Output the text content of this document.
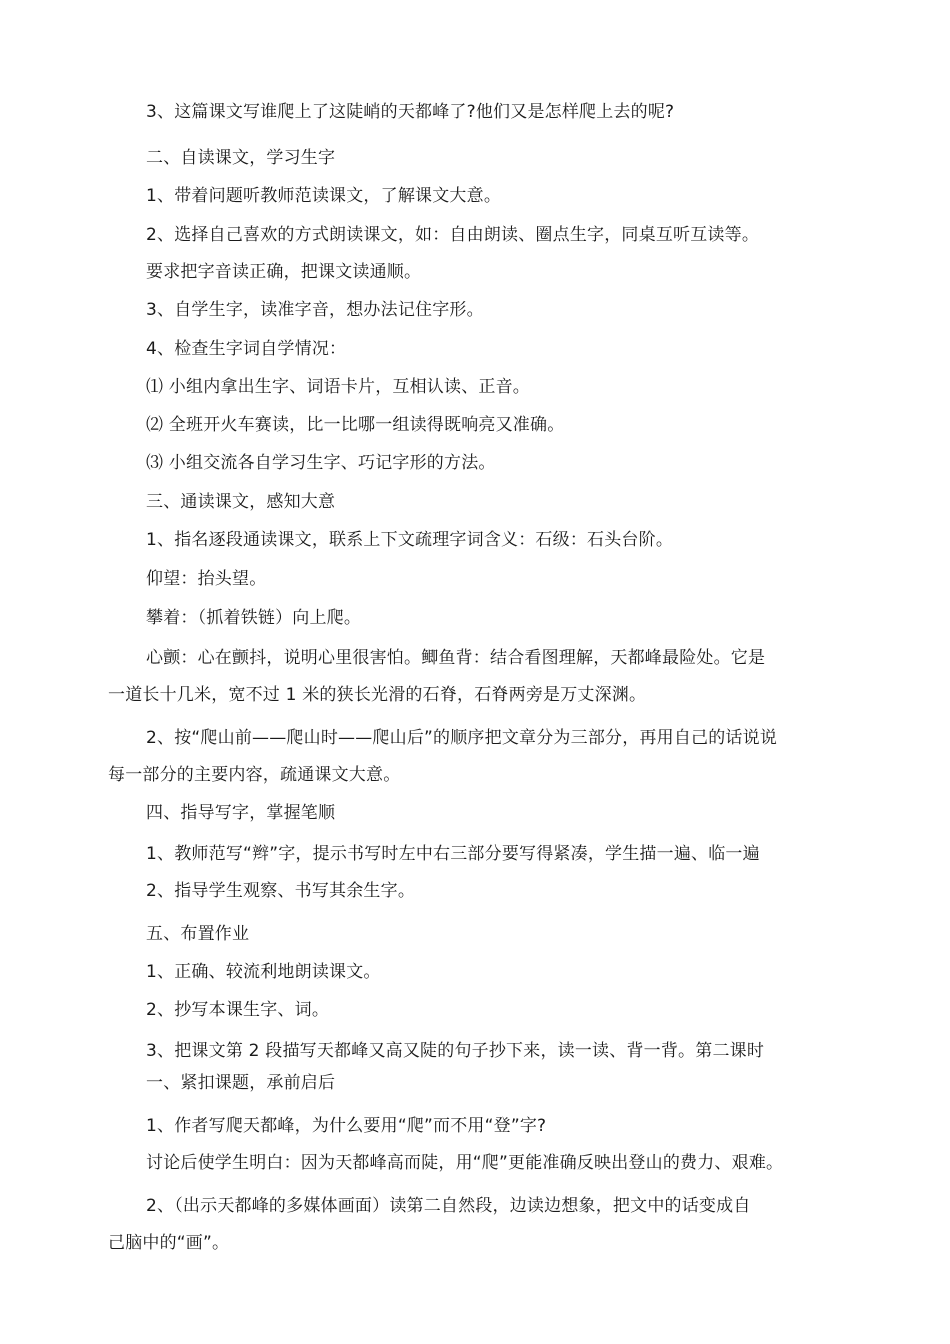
3、这篇课文写谁爬上了这陡峭的天都峰了?他们又是怎样爬上去的呢?

二、自读课文，学习生字

1、带着问题听教师范读课文，了解课文大意。

2、选择自己喜欢的方式朗读课文，如：自由朗读、圈点生字，同桌互听互读等。

要求把字音读正确，把课文读通顺。

3、自学生字，读准字音，想办法记住字形。

4、检查生字词自学情况：

⑴ 小组内拿出生字、词语卡片，互相认读、正音。

⑵ 全班开火车赛读，比一比哪一组读得既响亮又准确。

⑶ 小组交流各自学习生字、巧记字形的方法。

三、通读课文，感知大意

1、指名逐段通读课文，联系上下文疏理字词含义：石级：石头台阶。

仰望：抬头望。

攀着：（抓着铁链）向上爬。

心颤：心在颤抖，说明心里很害怕。鲫鱼背：结合看图理解，天都峰最险处。它是

一道长十几米，宽不过 1 米的狭长光滑的石脊，石脊两旁是万丈深渊。

2、按“爬山前——爬山时——爬山后”的顺序把文章分为三部分，再用自己的话说说

每一部分的主要内容，疏通课文大意。

四、指导写字，掌握笔顺

1、教师范写“辫”字，提示书写时左中右三部分要写得紧凑，学生描一遍、临一遍

2、指导学生观察、书写其余生字。

五、布置作业

1、正确、较流利地朗读课文。

2、抄写本课生字、词。

3、把课文第 2 段描写天都峰又高又陡的句子抄下来，读一读、背一背。第二课时

一、紧扣课题，承前启后

1、作者写爬天都峰，为什么要用“爬”而不用“登”字?

讨论后使学生明白：因为天都峰高而陡，用“爬”更能准确反映出登山的费力、艰难。

2、（出示天都峰的多媒体画面）读第二自然段，边读边想象，把文中的话变成自

己脑中的“画”。
